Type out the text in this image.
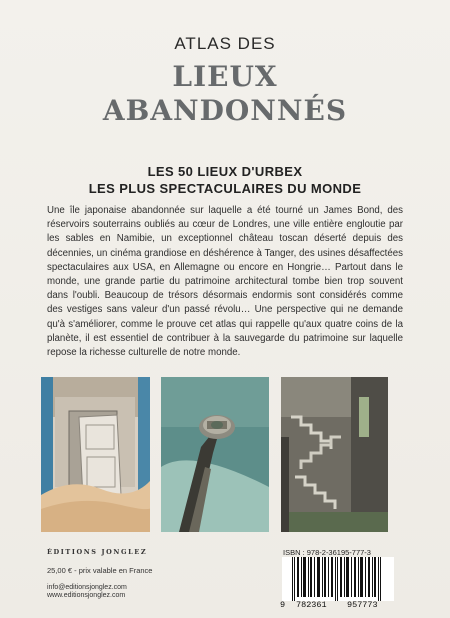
ATLAS DES
LIEUX
ABANDONNÉS
LES 50 LIEUX D'URBEX
LES PLUS SPECTACULAIRES DU MONDE
Une île japonaise abandonnée sur laquelle a été tourné un James Bond, des réservoirs souterrains oubliés au cœur de Londres, une ville entière engloutie par les sables en Namibie, un exceptionnel château toscan déserté depuis des décennies, un cinéma grandiose en déshérence à Tanger, des usines désaffectées spectaculaires aux USA, en Allemagne ou encore en Hongrie… Partout dans le monde, une grande partie du patrimoine architectural tombe bien trop souvent dans l'oubli. Beaucoup de trésors désormais endormis sont considérés comme des vestiges sans valeur d'un passé révolu… Une perspective qui ne demande qu'à s'améliorer, comme le prouve cet atlas qui rappelle qu'aux quatre coins de la planète, il est essentiel de contribuer à la sauvegarde du patrimoine sur laquelle repose la richesse culturelle de notre monde.
ÉDITIONS JONGLEZ
25,00 € - prix valable en France
info@editionsjonglez.com
www.editionsjonglez.com
ISBN : 978-2-36195-777-3
9 782361 957773
